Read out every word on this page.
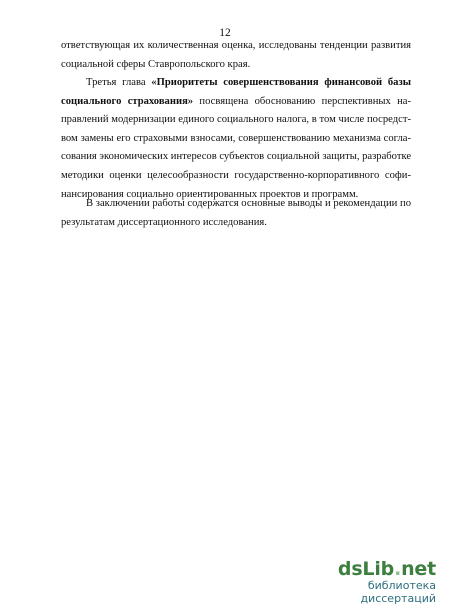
12
ответствующая их количественная оценка, исследованы тенденции развития
социальной сферы Ставропольского края.
Третья глава «Приоритеты совершенствования финансовой базы
социального страхования» посвящена обоснованию перспективных на-
правлений модернизации единого социального налога, в том числе посредст-
вом замены его страховыми взносами, совершенствованию механизма согла-
сования экономических интересов субъектов социальной защиты, разработке
методики оценки целесообразности государственно-корпоративного софи-
нансирования социально ориентированных проектов и программ.
В заключении работы содержатся основные выводы и рекомендации по
результатам диссертационного исследования.
dsLib.net
библиотека диссертаций
